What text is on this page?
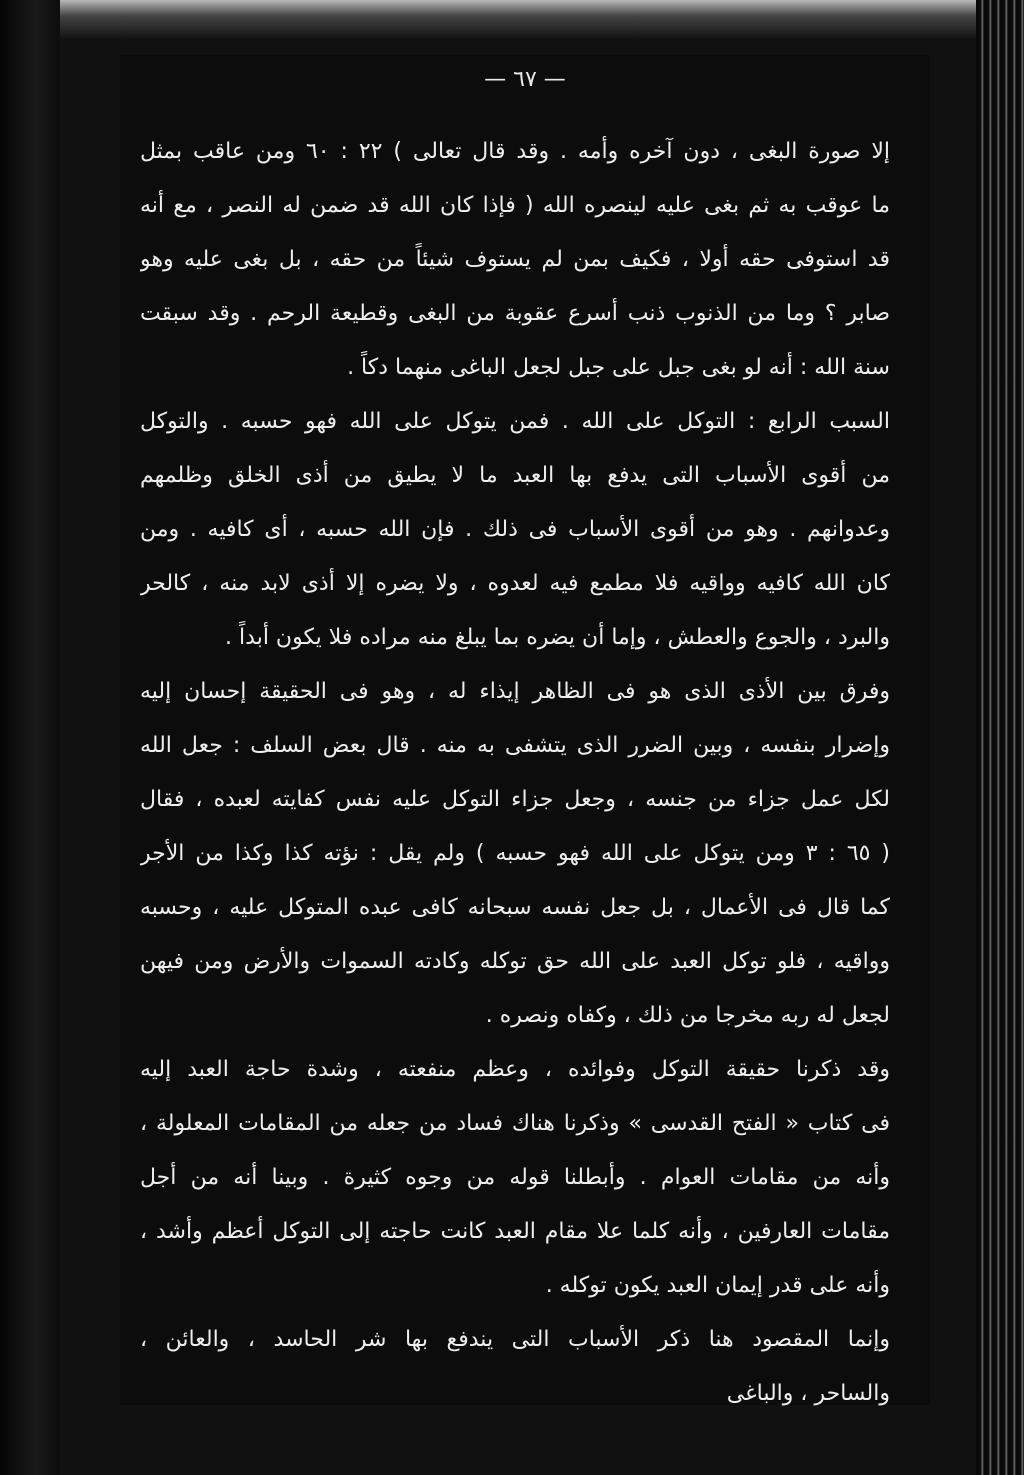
— ٦٧ —
إلا صورة البغى ، دون آخره وأمه . وقد قال تعالى ) ٢٢ : ٦٠ ومن عاقب بمثل
ما عوقب به ثم بغى عليه لينصره الله ( فإذا كان الله قد ضمن له النصر ، مع أنه
قد استوفى حقه أولا ، فكيف بمن لم يستوف شيئاً من حقه ، بل بغى عليه وهو
صابر ؟ وما من الذنوب ذنب أسرع عقوبة من البغى وقطيعة الرحم . وقد سبقت
سنة الله : أنه لو بغى جبل على جبل لجعل الباغى منهما دكاً .
السبب الرابع : التوكل على الله . فمن يتوكل على الله فهو حسبه . والتوكل
من أقوى الأسباب التى يدفع بها العبد ما لا يطيق من أذى الخلق وظلمهم
وعدوانهم . وهو من أقوى الأسباب فى ذلك . فإن الله حسبه ، أى كافيه . ومن
كان الله كافيه وواقيه فلا مطمع فيه لعدوه ، ولا يضره إلا أذى لابد منه ، كالحر
والبرد ، والجوع والعطش ، وإما أن يضره بما يبلغ منه مراده فلا يكون أبداً .
وفرق بين الأذى الذى هو فى الظاهر إيذاء له ، وهو فى الحقيقة إحسان إليه
وإضرار بنفسه ، وبين الضرر الذى يتشفى به منه . قال بعض السلف : جعل الله
لكل عمل جزاء من جنسه ، وجعل جزاء التوكل عليه نفس كفايته لعبده ، فقال
( ٦٥ : ٣ ومن يتوكل على الله فهو حسبه ) ولم يقل : نؤته كذا وكذا من الأجر
كما قال فى الأعمال ، بل جعل نفسه سبحانه كافى عبده المتوكل عليه ، وحسبه
وواقيه ، فلو توكل العبد على الله حق توكله وكادته السموات والأرض ومن فيهن
لجعل له ربه مخرجا من ذلك ، وكفاه ونصره .
وقد ذكرنا حقيقة التوكل وفوائده ، وعظم منفعته ، وشدة حاجة العبد إليه
فى كتاب « الفتح القدسى » وذكرنا هناك فساد من جعله من المقامات المعلولة ،
وأنه من مقامات العوام . وأبطلنا قوله من وجوه كثيرة . وبينا أنه من أجل
مقامات العارفين ، وأنه كلما علا مقام العبد كانت حاجته إلى التوكل أعظم وأشد ،
وأنه على قدر إيمان العبد يكون توكله .
وإنما المقصود هنا ذكر الأسباب التى يندفع بها شر الحاسد ، والعائن ،
والساحر ، والباغى
